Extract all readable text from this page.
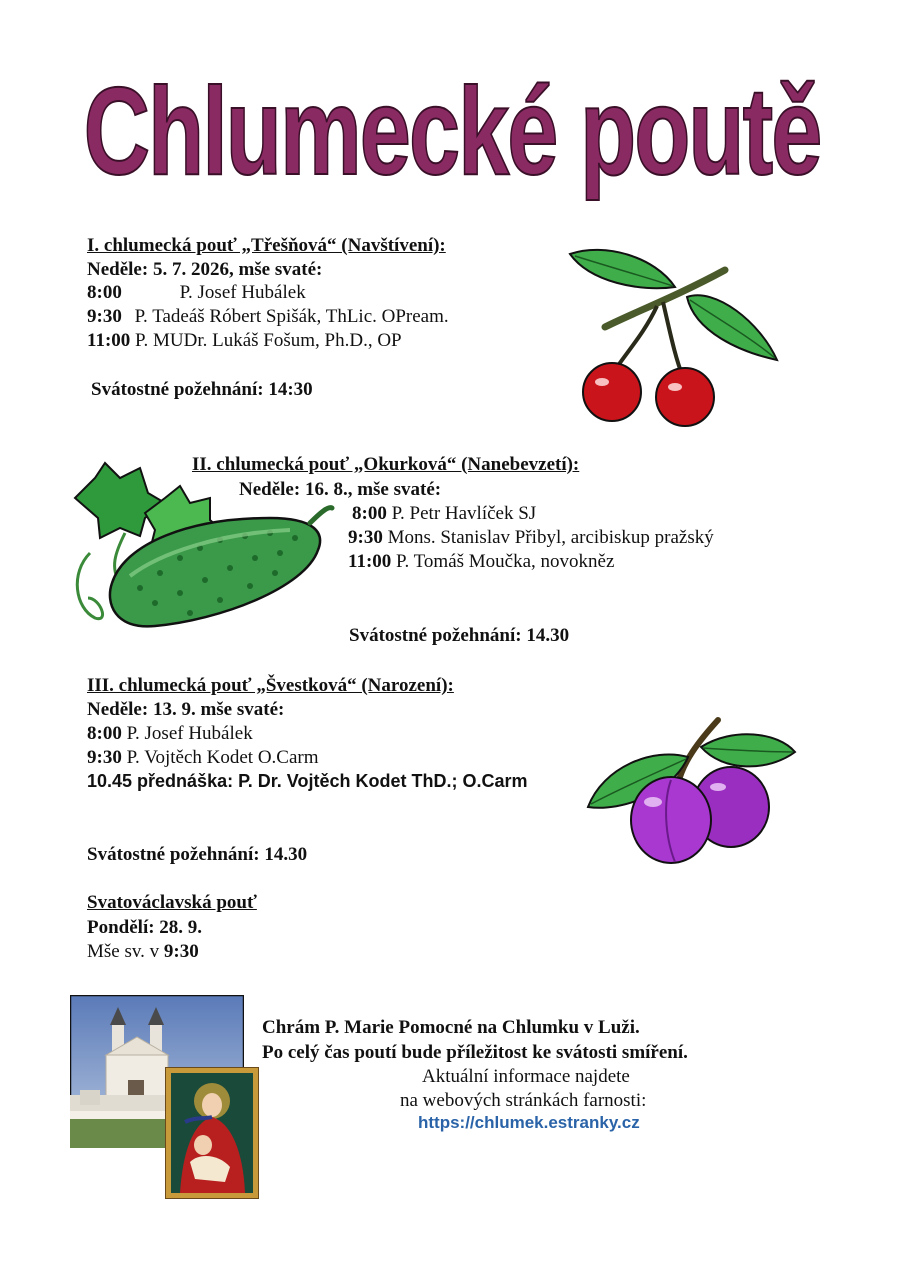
Chlumecké poutě
I. chlumecká pouť „Třešňová“ (Navštívení):
Neděle: 5. 7. 2026, mše svaté:
8:00	P. Josef Hubálek
9:30 P. Tadeáš Róbert Spišák, ThLic. OPream.
11:00 P. MUDr. Lukáš Fošum, Ph.D., OP
Svátostné požehnání: 14:30
II. chlumecká pouť „Okurková“ (Nanebevzetí):
Neděle: 16. 8., mše svaté:
8:00 P. Petr Havlíček SJ
9:30 Mons. Stanislav Přibyl, arcibiskup pražský
11:00 P. Tomáš Moučka, novokněz
Svátostné požehnání: 14.30
III. chlumecká pouť „Švestková“ (Narození):
Neděle: 13. 9. mše svaté:
8:00 P. Josef Hubálek
9:30 P. Vojtěch Kodet O.Carm
10.45 přednáška: P. Dr. Vojtěch Kodet ThD.; O.Carm
Svátostné požehnání: 14.30
Svatováclavská pouť
Pondělí: 28. 9.
Mše sv. v 9:30
Chrám P. Marie Pomocné na Chlumku v Luži.
Po celý čas poutí bude příležitost ke svátosti smíření.
Aktuální informace najdete
na webových stránkách farnosti:
https://chlumek.estranky.cz
